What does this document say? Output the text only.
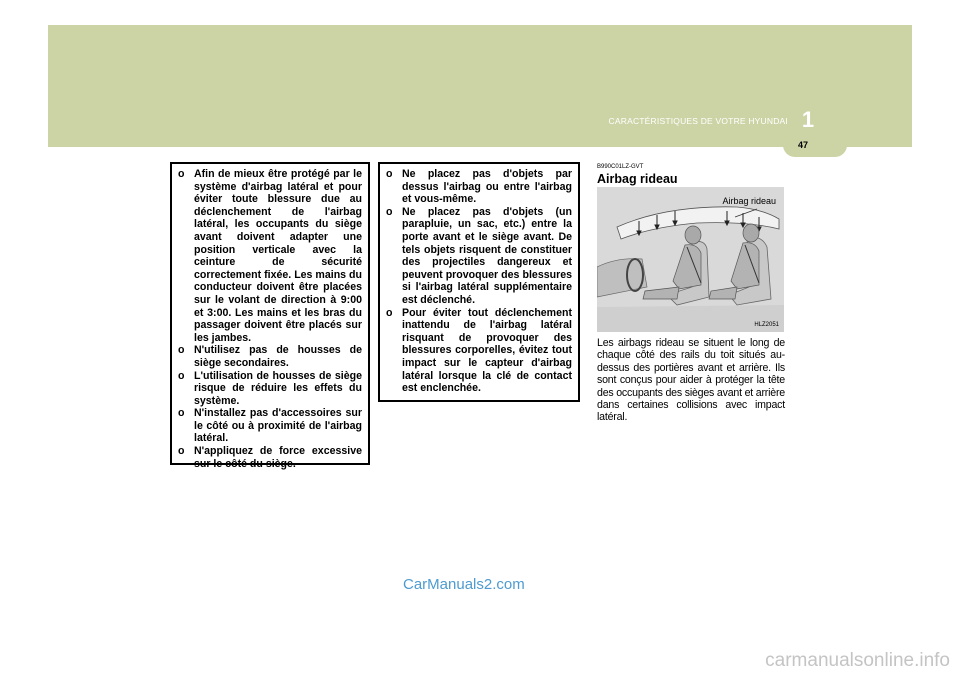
1
CARACTÉRISTIQUES DE VOTRE HYUNDAI
47
o Afin de mieux être protégé par le système d'airbag latéral et pour éviter toute blessure due au déclenchement de l'airbag latéral, les occupants du siège avant doivent adapter une position verticale avec la ceinture de sécurité correctement fixée. Les mains du conducteur doivent être placées sur le volant de direction à 9:00 et 3:00. Les mains et les bras du passager doivent être placés sur les jambes.
o N'utilisez pas de housses de siège secondaires.
o L'utilisation de housses de siège risque de réduire les effets du système.
o N'installez pas d'accessoires sur le côté ou à proximité de l'airbag latéral.
o N'appliquez de force excessive sur le côté du siège.
o Ne placez pas d'objets par dessus l'airbag ou entre l'airbag et vous-même.
o Ne placez pas d'objets (un parapluie, un sac, etc.) entre la porte avant et le siège avant. De tels objets risquent de constituer des projectiles dangereux et peuvent provoquer des blessures si l'airbag latéral supplémentaire est déclenché.
o Pour éviter tout déclenchement inattendu de l'airbag latéral risquant de provoquer des blessures corporelles, évitez tout impact sur le capteur d'airbag latéral lorsque la clé de contact est enclenchée.
B990C01LZ-GVT
Airbag rideau
Airbag rideau
HLZ2051
Les airbags rideau se situent le long de chaque côté des rails du toit situés au-dessus des portières avant et arrière. Ils sont conçus pour aider à protéger la tête des occupants des sièges avant et arrière dans certaines collisions avec impact latéral.
CarManuals2.com
carmanualsonline.info
